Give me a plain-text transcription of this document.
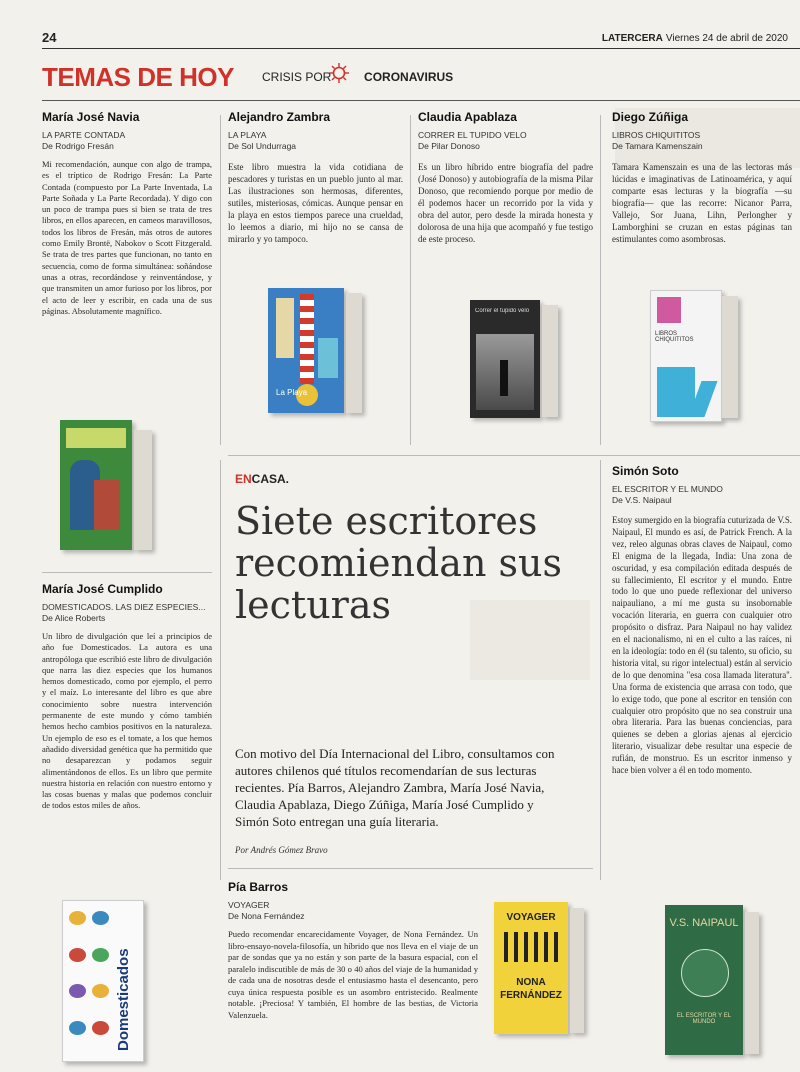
24	LATERCERA Viernes 24 de abril de 2020
TEMAS DE HOY CRISIS POR	CORONAVIRUS
María José Navia
LA PARTE CONTADA
De Rodrigo Fresán
Mi recomendación, aunque con algo de trampa, es el tríptico de Rodrigo Fresán: La Parte Contada (compuesto por La Parte Inventada, La Parte Soñada y La Parte Recordada). Y digo con un poco de trampa pues si bien se trata de tres libros, en ellos aparecen, en cameos maravillosos, todos los libros de Fresán, más otros de autores como Emily Brontë, Nabokov o Scott Fitzgerald. Se trata de tres partes que funcionan, no tanto en secuencia, como de forma simultánea: soñándose unas a otras, recordándose y reinventándose, y que transmiten un amor furioso por los libros, por el acto de leer y escribir, en cada una de sus páginas. Absolutamente magnífico.
Alejandro Zambra
LA PLAYA
De Sol Undurraga
Este libro muestra la vida cotidiana de pescadores y turistas en un pueblo junto al mar. Las ilustraciones son hermosas, diferentes, sutiles, misteriosas, cómicas. Aunque pensar en la playa en estos tiempos parece una crueldad, lo leemos a diario, mi hijo no se cansa de mirarlo y yo tampoco.
La Playa
Claudia Apablaza
CORRER EL TUPIDO VELO
De Pilar Donoso
Es un libro híbrido entre biografía del padre (José Donoso) y autobiografía de la misma Pilar Donoso, que recomiendo porque por medio de él podemos hacer un recorrido por la vida y obra del autor, pero desde la mirada honesta y dolorosa de una hija que acompañó y fue testigo de este proceso.
Correr el tupido velo
Diego Zúñiga
LIBROS CHIQUITITOS
De Tamara Kamenszain
Tamara Kamenszain es una de las lectoras más lúcidas e imaginativas de Latinoamérica, y aquí comparte esas lecturas y la biografía —su biografía— que las recorre: Nicanor Parra, Vallejo, Sor Juana, Lihn, Perlongher y Lamborghini se cruzan en estas páginas tan estimulantes como asombrosas.
LIBROS CHIQUITITOS
ENCASA.
Siete escritores recomiendan sus lecturas
Con motivo del Día Internacional del Libro, consultamos con autores chilenos qué títulos recomendarían de sus lecturas recientes. Pía Barros, Alejandro Zambra, María José Navia, Claudia Apablaza, Diego Zúñiga, María José Cumplido y Simón Soto entregan una guía literaria.
Por Andrés Gómez Bravo
María José Cumplido
DOMESTICADOS. LAS DIEZ ESPECIES...
De Alice Roberts
Un libro de divulgación que leí a principios de año fue Domesticados. La autora es una antropóloga que escribió este libro de divulgación que narra las diez especies que los humanos hemos domesticado, como por ejemplo, el perro y el maíz. Lo interesante del libro es que abre conocimiento sobre nuestra intervención permanente de este mundo y cómo también hemos hecho cambios positivos en la naturaleza. Un ejemplo de eso es el tomate, a los que hemos añadido diversidad genética que ha permitido que no desaparezcan y podamos seguir alimentándonos de ellos. Es un libro que permite nuestra historia en relación con nuestro entorno y las cosas buenas y malas que podemos concluir de todos estos miles de años.
Domesticados
Simón Soto
EL ESCRITOR Y EL MUNDO
De V.S. Naipaul
Estoy sumergido en la biografía cuturizada de V.S. Naipaul, El mundo es así, de Patrick French. A la vez, releo algunas obras claves de Naipaul, como El enigma de la llegada, India: Una zona de oscuridad, y esa compilación editada después de su fallecimiento, El escritor y el mundo. Entre todo lo que uno puede reflexionar del universo naipauliano, a mí me gusta su insobornable vocación literaria, en guerra con cualquier otro propósito o disfraz. Para Naipaul no hay validez en el nacionalismo, ni en el culto a las raíces, ni en la ideología: todo en él (su talento, su oficio, su historia vital, su rigor intelectual) están al servicio de lo que denomina "esa cosa llamada literatura". Una forma de existencia que arrasa con todo, que lo exige todo, que pone al escritor en tensión con cualquier otro propósito que no sea construir una obra literaria. Para las buenas conciencias, para quienes se deben a glorias ajenas al ejercicio literario, visualizar debe resultar una especie de rufián, de monstruo. Es un escritor inmenso y hace bien volver a él en todo momento.
V.S. NAIPAUL
EL ESCRITOR Y EL MUNDO
Pía Barros
VOYAGER
De Nona Fernández
Puedo recomendar encarecidamente Voyager, de Nona Fernández. Un libro-ensayo-novela-filosofía, un híbrido que nos lleva en el viaje de un par de sondas que ya no están y son parte de la basura espacial, con el paralelo indiscutible de más de 30 o 40 años del viaje de la humanidad y de cada una de nosotras desde el entusiasmo hasta el desencanto, pero cuya única respuesta posible es un asombro entristecido. Realmente notable. ¡Preciosa! Y también, El hombre de las bestias, de Victoria Valenzuela.
VOYAGER
NONA FERNÁNDEZ
